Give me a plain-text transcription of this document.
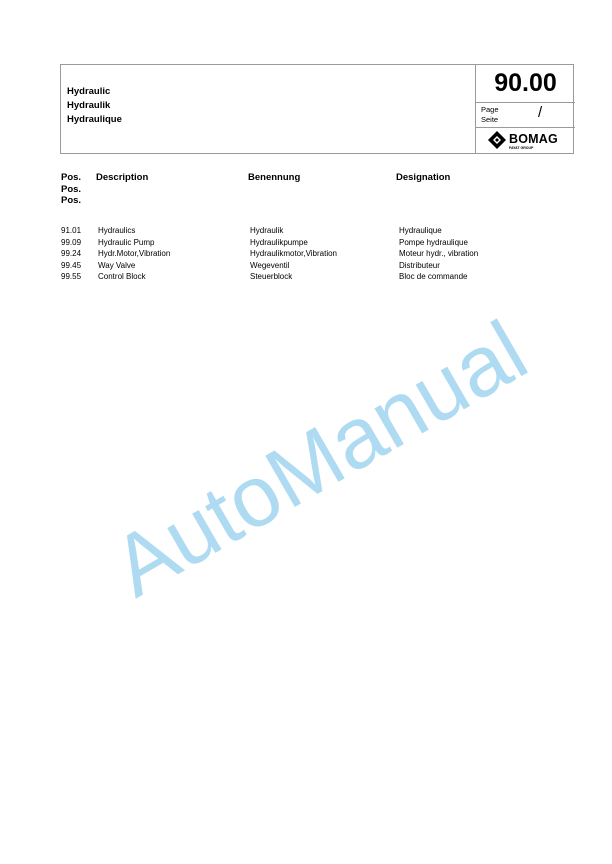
Hydraulic
Hydraulik
Hydraulique
90.00
Page
Seite	/
BOMAG
FAYAT GROUP
Pos.
Pos.
Pos.
Description	Benennung	Designation
91.01 Hydraulics	Hydraulik	Hydraulique
99.09 Hydraulic Pump	Hydraulikpumpe	Pompe hydraulique
99.24 Hydr.Motor,Vibration	Hydraulikmotor,Vibration	Moteur hydr., vibration
99.45 Way Valve	Wegeventil	Distributeur
99.55 Control Block	Steuerblock	Bloc de commande
AutoManual
